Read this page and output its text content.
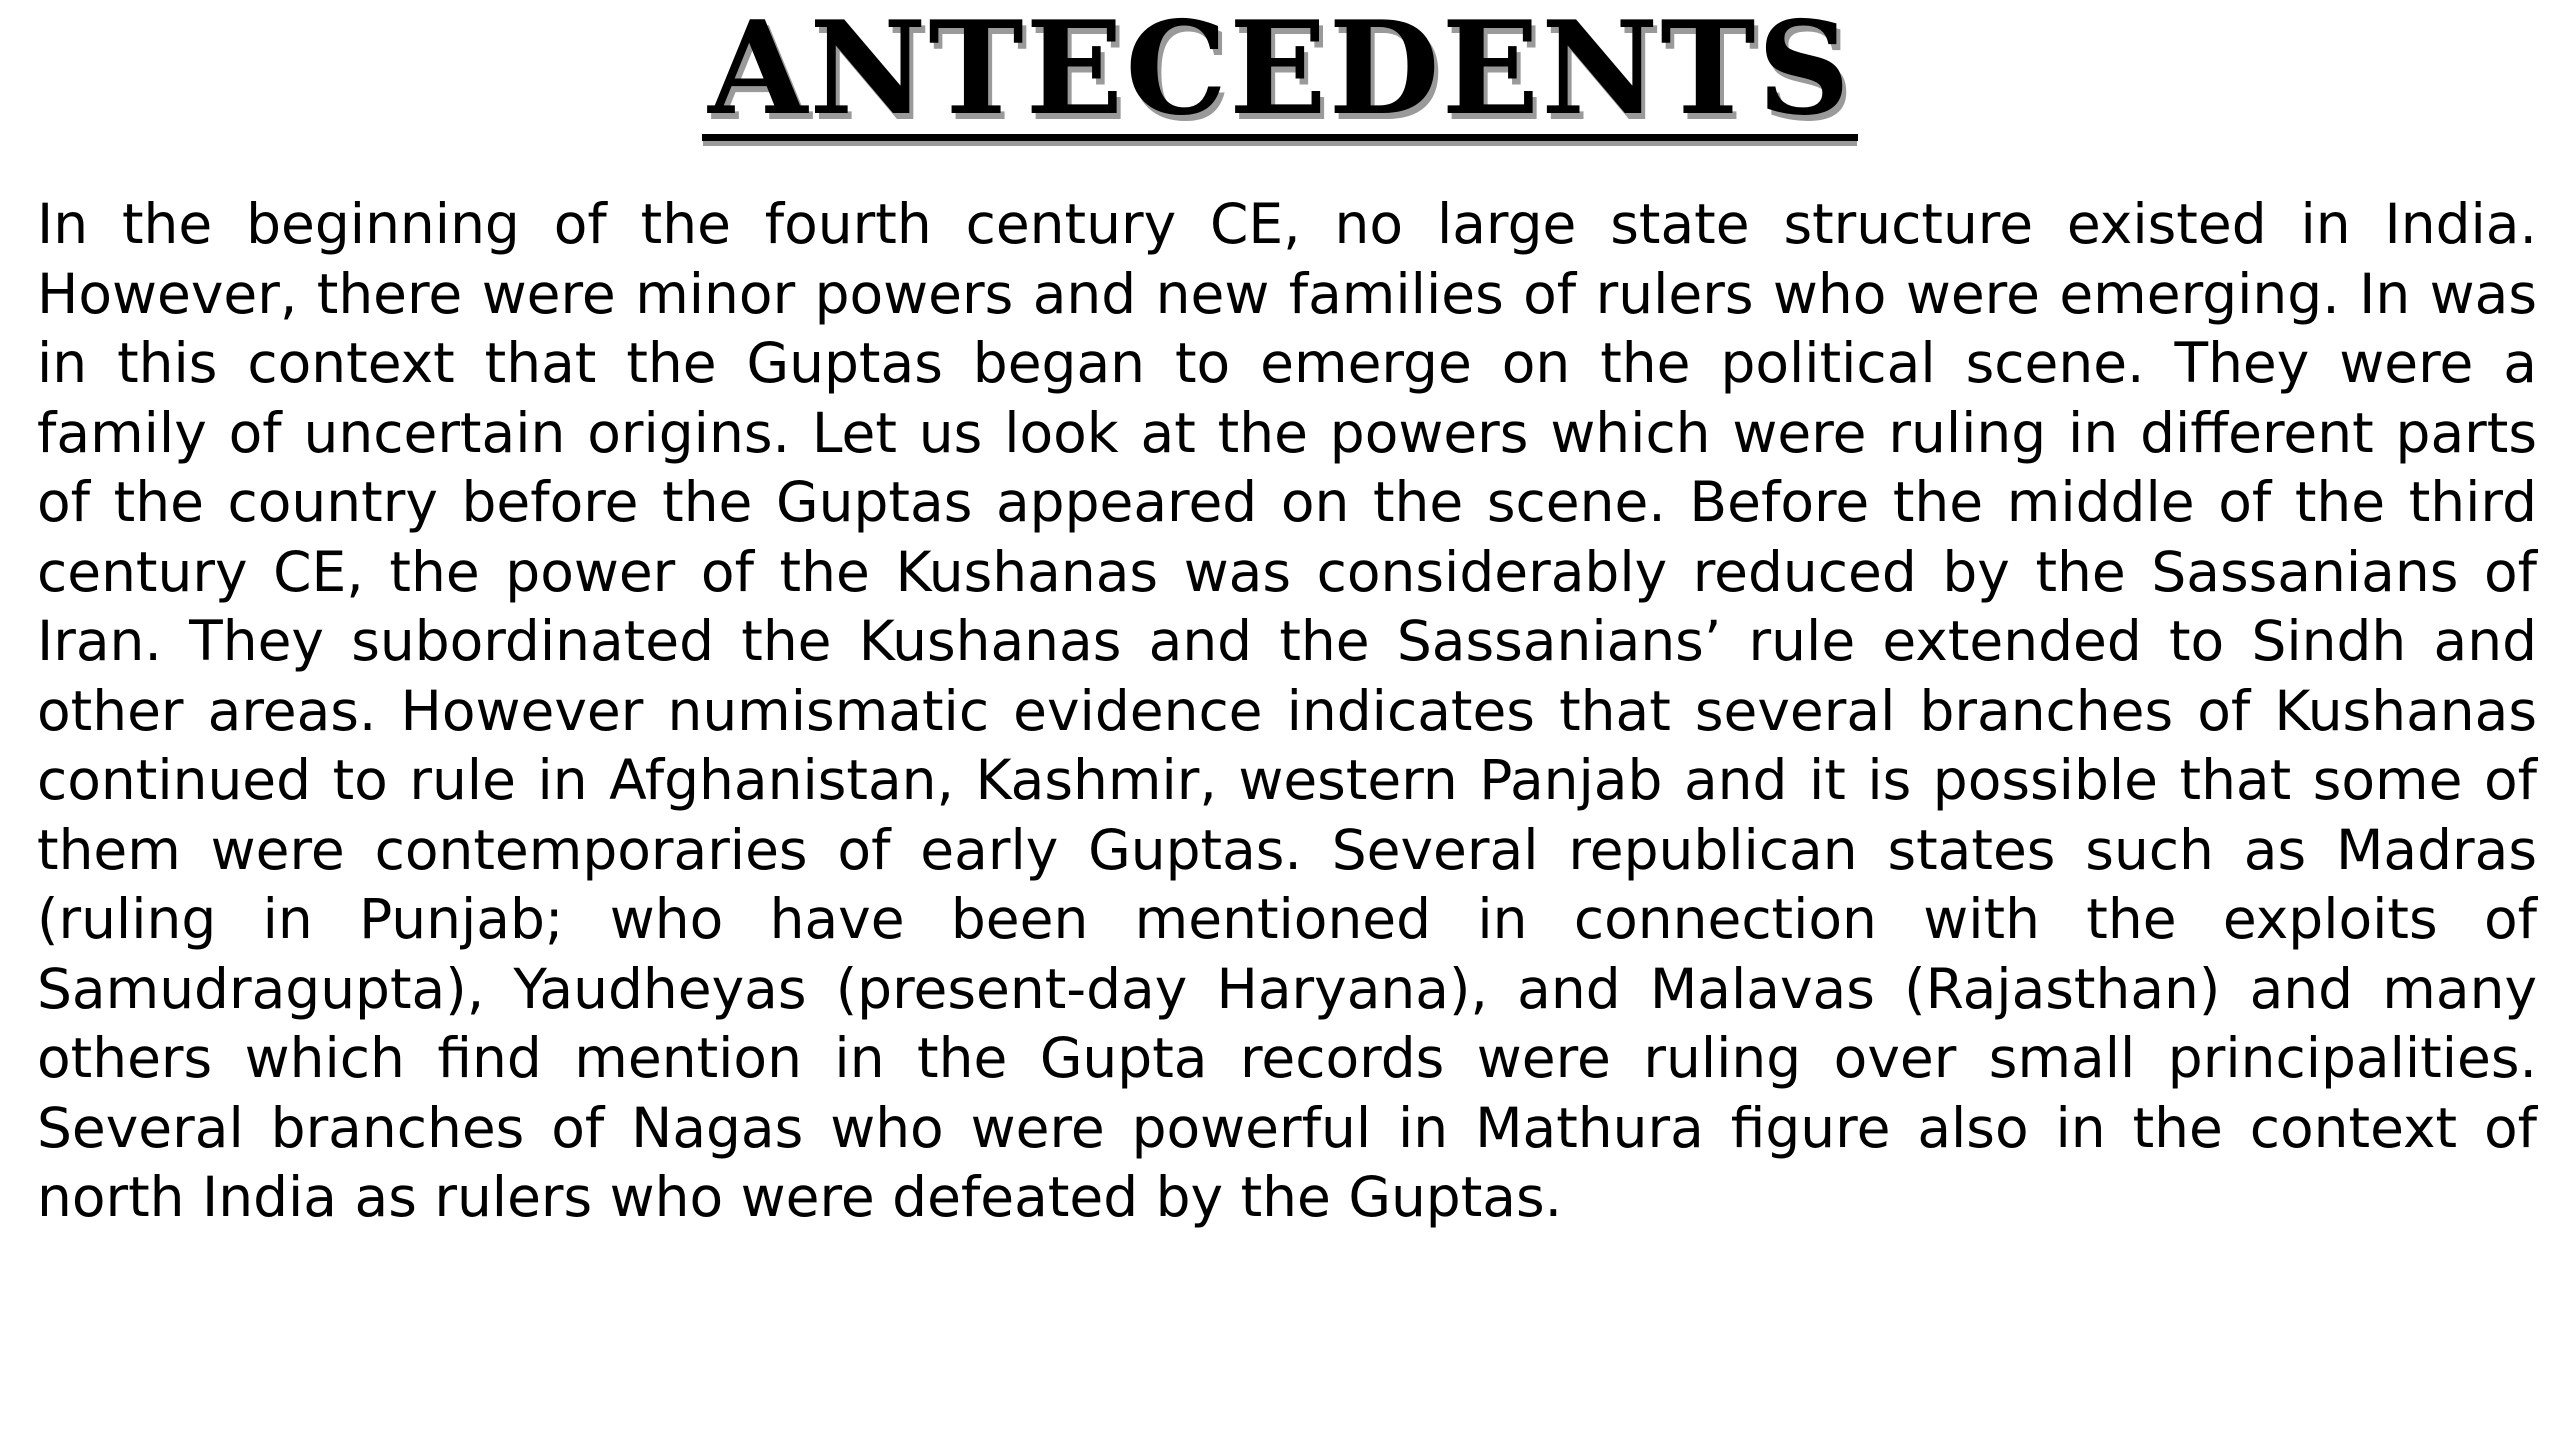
ANTECEDENTS

In the beginning of the fourth century CE, no large state structure existed in India. However, there were minor powers and new families of rulers who were emerging. In was in this context that the Guptas began to emerge on the political scene. They were a family of uncertain origins. Let us look at the powers which were ruling in different parts of the country before the Guptas appeared on the scene. Before the middle of the third century CE, the power of the Kushanas was considerably reduced by the Sassanians of Iran. They subordinated the Kushanas and the Sassanians’ rule extended to Sindh and other areas. However numismatic evidence indicates that several branches of Kushanas continued to rule in Afghanistan, Kashmir, western Panjab and it is possible that some of them were contemporaries of early Guptas. Several republican states such as Madras (ruling in Punjab; who have been mentioned in connection with the exploits of Samudragupta), Yaudheyas (present-day Haryana), and Malavas (Rajasthan) and many others which find mention in the Gupta records were ruling over small principalities. Several branches of Nagas who were powerful in Mathura figure also in the context of north India as rulers who were defeated by the Guptas.
